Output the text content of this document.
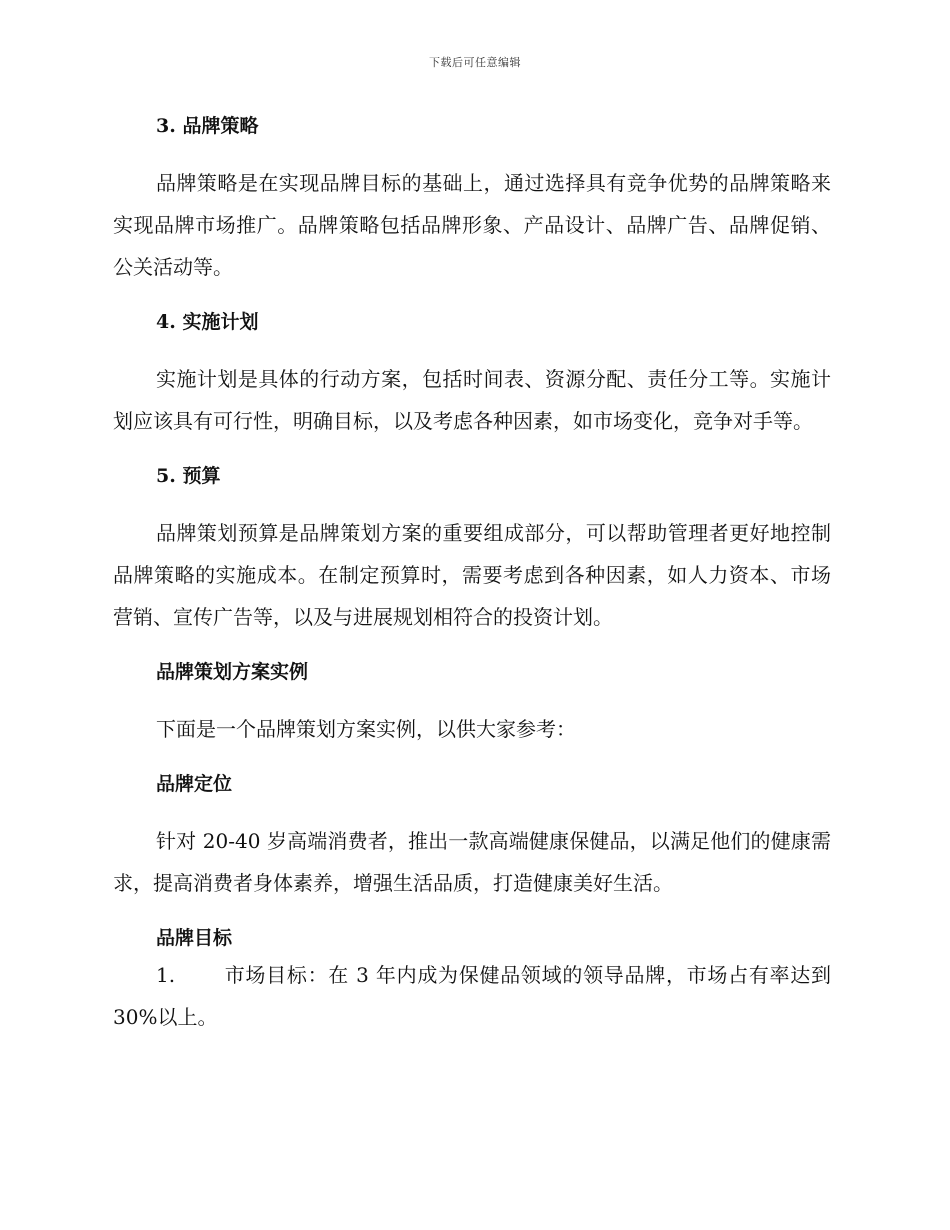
下载后可任意编辑
3. 品牌策略

品牌策略是在实现品牌目标的基础上，通过选择具有竞争优势的品牌策略来实现品牌市场推广。品牌策略包括品牌形象、产品设计、品牌广告、品牌促销、公关活动等。

4. 实施计划

实施计划是具体的行动方案，包括时间表、资源分配、责任分工等。实施计划应该具有可行性，明确目标，以及考虑各种因素，如市场变化，竞争对手等。

5. 预算

品牌策划预算是品牌策划方案的重要组成部分，可以帮助管理者更好地控制品牌策略的实施成本。在制定预算时，需要考虑到各种因素，如人力资本、市场营销、宣传广告等，以及与进展规划相符合的投资计划。

品牌策划方案实例

下面是一个品牌策划方案实例，以供大家参考：

品牌定位

针对 20-40 岁高端消费者，推出一款高端健康保健品，以满足他们的健康需求，提高消费者身体素养，增强生活品质，打造健康美好生活。

品牌目标

1. 市场目标：在 3 年内成为保健品领域的领导品牌，市场占有率达到 30%以上。
